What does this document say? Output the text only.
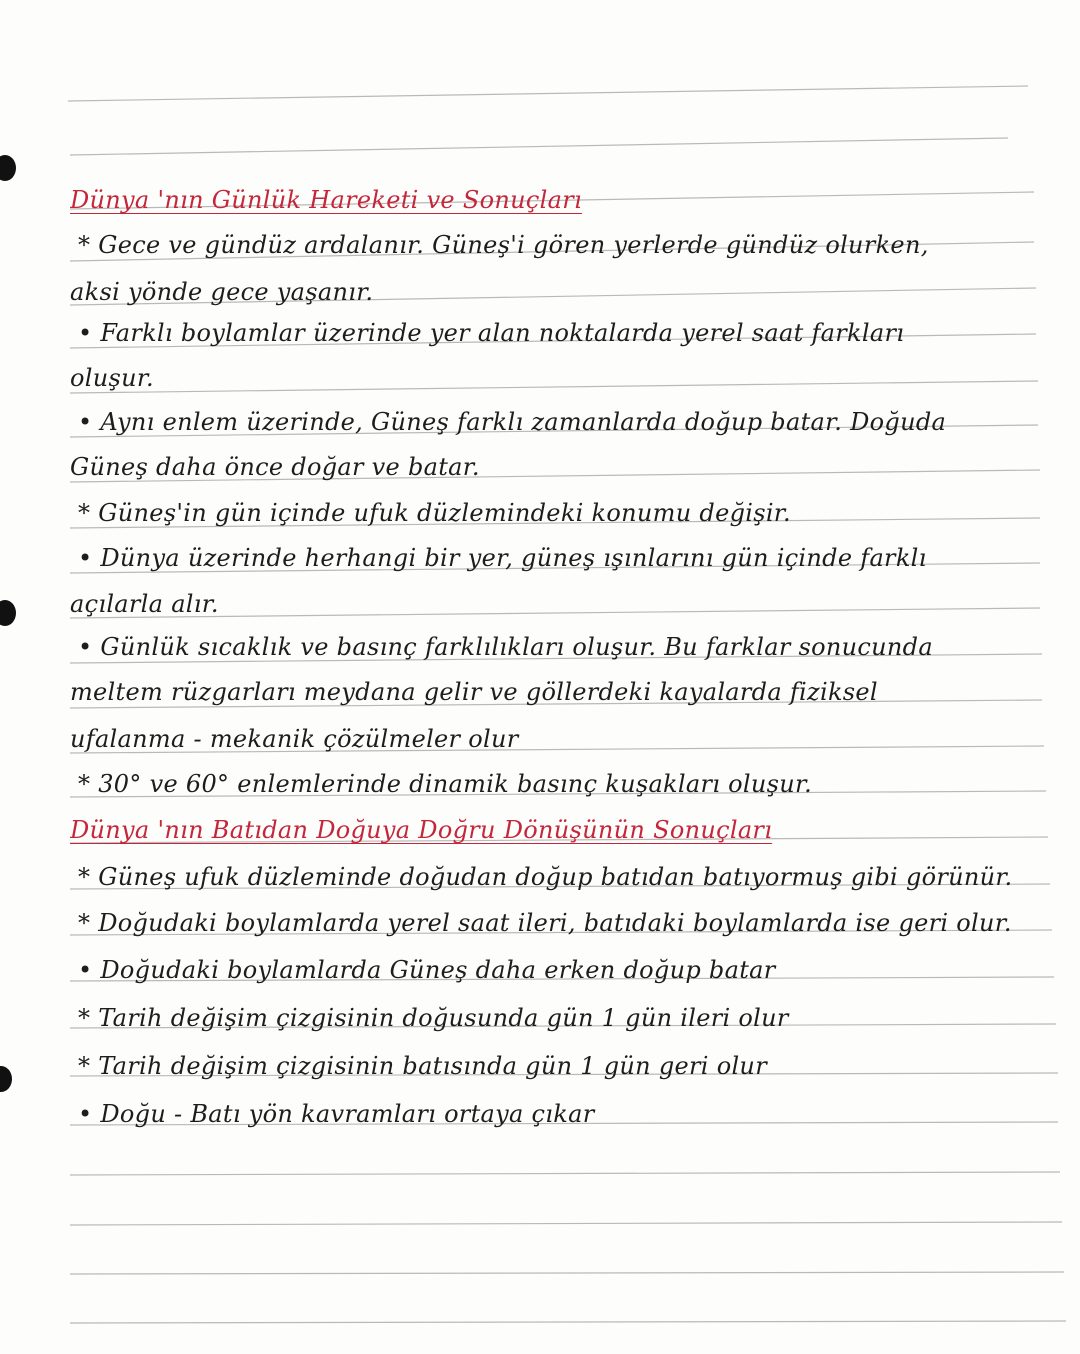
Dünya 'nın Günlük Hareketi ve Sonuçları
* Gece ve gündüz ardalanır. Güneş'i gören yerlerde gündüz olurken,
aksi yönde gece yaşanır.
• Farklı boylamlar üzerinde yer alan noktalarda yerel saat farkları
oluşur.
• Aynı enlem üzerinde, Güneş farklı zamanlarda doğup batar. Doğuda
Güneş daha önce doğar ve batar.
* Güneş'in gün içinde ufuk düzlemindeki konumu değişir.
• Dünya üzerinde herhangi bir yer, güneş ışınlarını gün içinde farklı
açılarla alır.
• Günlük sıcaklık ve basınç farklılıkları oluşur. Bu farklar sonucunda
meltem rüzgarları meydana gelir ve göllerdeki kayalarda fiziksel
ufalanma - mekanik çözülmeler olur
* 30° ve 60° enlemlerinde dinamik basınç kuşakları oluşur.
Dünya 'nın Batıdan Doğuya Doğru Dönüşünün Sonuçları
* Güneş ufuk düzleminde doğudan doğup batıdan batıyormuş gibi görünür.
* Doğudaki boylamlarda yerel saat ileri, batıdaki boylamlarda ise geri olur.
• Doğudaki boylamlarda Güneş daha erken doğup batar
* Tarih değişim çizgisinin doğusunda gün 1 gün ileri olur
* Tarih değişim çizgisinin batısında gün 1 gün geri olur
• Doğu - Batı yön kavramları ortaya çıkar
